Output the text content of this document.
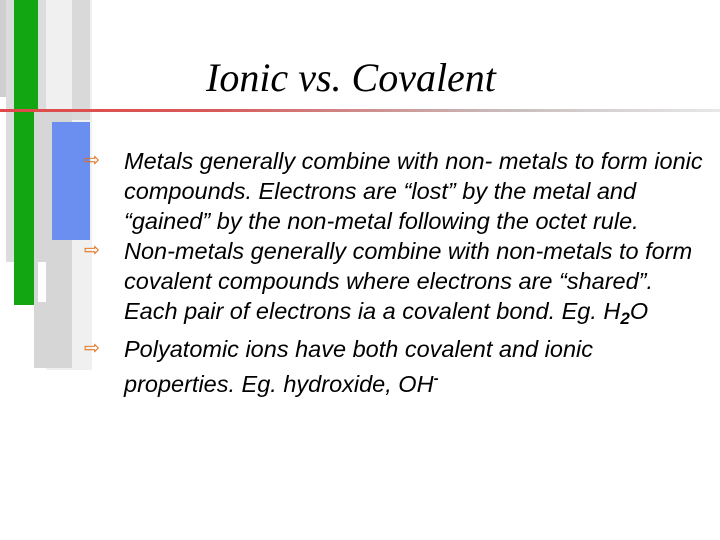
Ionic vs. Covalent
⇨	Metals generally combine with non- metals to form ionic compounds. Electrons are “lost” by the metal and “gained” by the non-metal following the octet rule.
⇨	Non-metals generally combine with non-metals to form covalent compounds where electrons are “shared”. Each pair of electrons ia a covalent bond. Eg. $H_2O$
⇨	Polyatomic ions have both covalent and ionic properties. Eg. hydroxide, OH-
